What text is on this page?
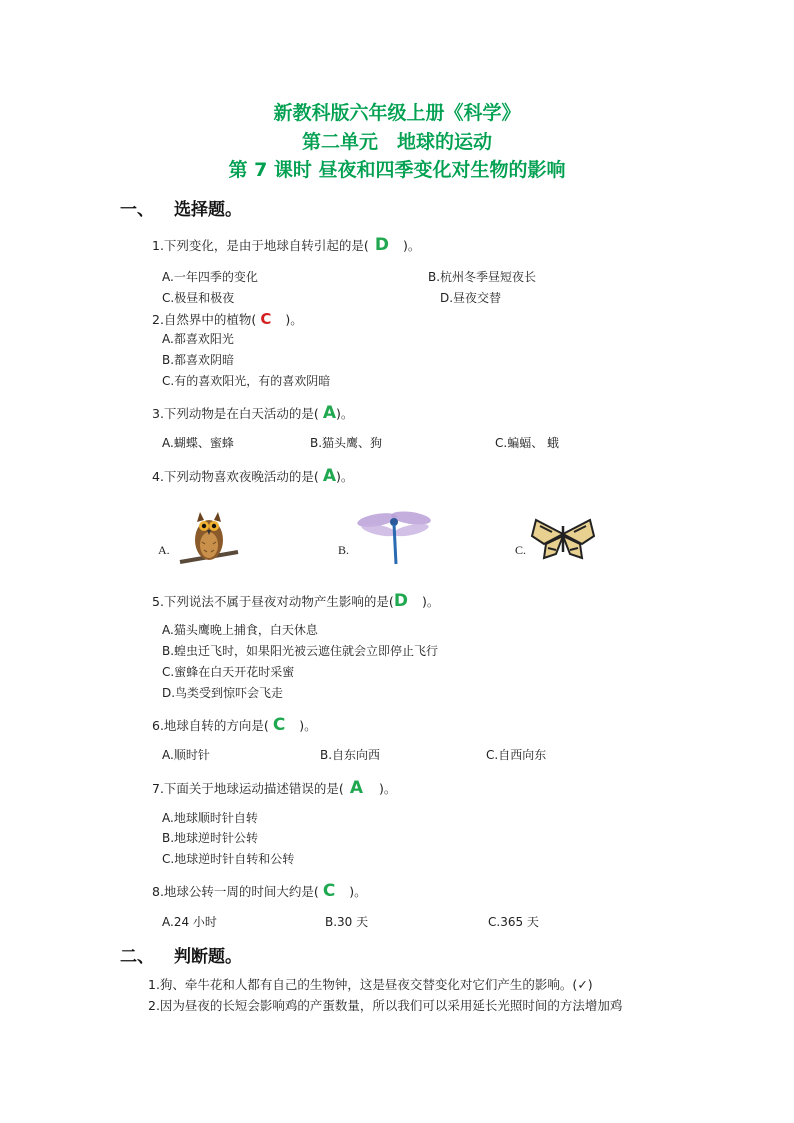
新教科版六年级上册《科学》
第二单元　地球的运动
第 7 课时 昼夜和四季变化对生物的影响
一、 选择题。
1.下列变化，是由于地球自转引起的是( D )。
A.一年四季的变化	B.杭州冬季昼短夜长
C.极昼和极夜	D.昼夜交替
2.自然界中的植物( C )。
A.都喜欢阳光
B.都喜欢阴暗
C.有的喜欢阳光，有的喜欢阴暗
3.下列动物是在白天活动的是( A)。
A.蝴蝶、蜜蜂	B.猫头鹰、狗	C.蝙蝠、 蛾
4.下列动物喜欢夜晚活动的是( A)。
A.	B.	C.
5.下列说法不属于昼夜对动物产生影响的是(D )。
A.猫头鹰晚上捕食，白天休息
B.蝗虫迁飞时，如果阳光被云遮住就会立即停止飞行
C.蜜蜂在白天开花时采蜜
D.鸟类受到惊吓会飞走
6.地球自转的方向是( C )。
A.顺时针	B.自东向西	C.自西向东
7.下面关于地球运动描述错误的是( A )。
A.地球顺时针自转
B.地球逆时针公转
C.地球逆时针自转和公转
8.地球公转一周的时间大约是( C )。
A.24 小时	B.30 天	C.365 天
二、 判断题。
1.狗、牵牛花和人都有自己的生物钟，这是昼夜交替变化对它们产生的影响。(✓)
2.因为昼夜的长短会影响鸡的产蛋数量，所以我们可以采用延长光照时间的方法增加鸡
